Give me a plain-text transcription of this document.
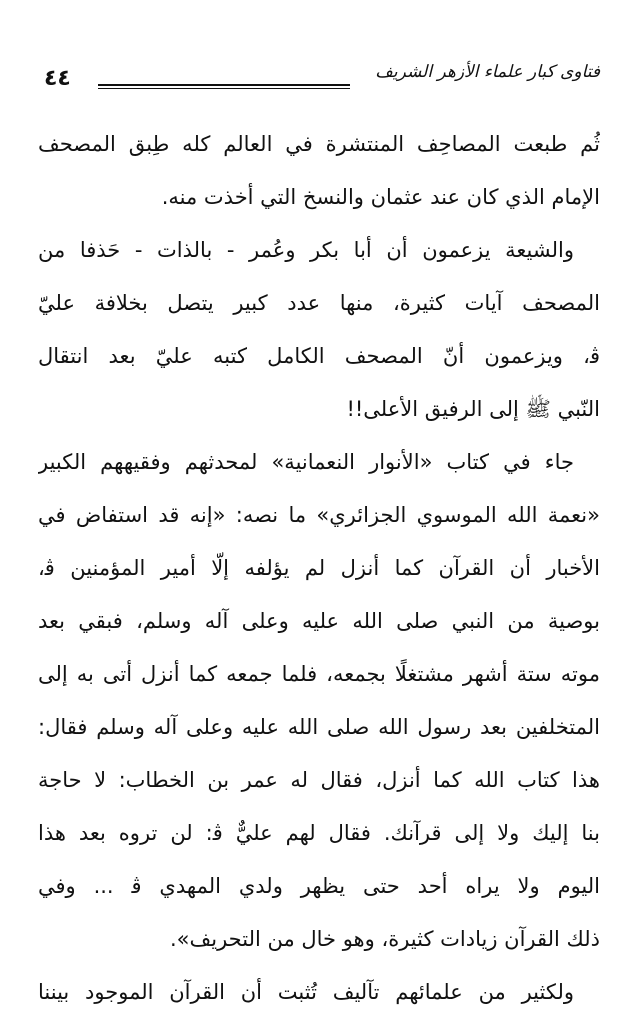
٤٤	فتاوى كبار علماء الأزهر الشريف
ثُم طبعت المصاحِف المنتشرة في العالم كله طِبق المصحف
الإمام الذي كان عند عثمان والنسخ التي أخذت منه.
والشيعة يزعمون أن أبا بكر وعُمر - بالذات - حَذفا من
المصحف آيات كثيرة، منها عدد كبير يتصل بخلافة عليّ
ﭬ، ويزعمون أنّ المصحف الكامل كتبه عليّ بعد انتقال
النّبي ﷺ إلى الرفيق الأعلى!!
جاء في كتاب «الأنوار النعمانية» لمحدثهم وفقيههم الكبير
«نعمة الله الموسوي الجزائري» ما نصه: «إنه قد استفاض في
الأخبار أن القرآن كما أنزل لم يؤلفه إلّا أمير المؤمنين ﭬ،
بوصية من النبي صلى الله عليه وعلى آله وسلم، فبقي بعد
موته ستة أشهر مشتغلًا بجمعه، فلما جمعه كما أنزل أتى به إلى
المتخلفين بعد رسول الله صلى الله عليه وعلى آله وسلم فقال:
هذا كتاب الله كما أنزل، فقال له عمر بن الخطاب: لا حاجة
بنا إليك ولا إلى قرآنك. فقال لهم عليٌّ ﭬ: لن تروه بعد هذا
اليوم ولا يراه أحد حتى يظهر ولدي المهدي ﭬ ... وفي
ذلك القرآن زيادات كثيرة، وهو خال من التحريف».
ولكثير من علمائهم تآليف تُثبت أن القرآن الموجود بيننا
